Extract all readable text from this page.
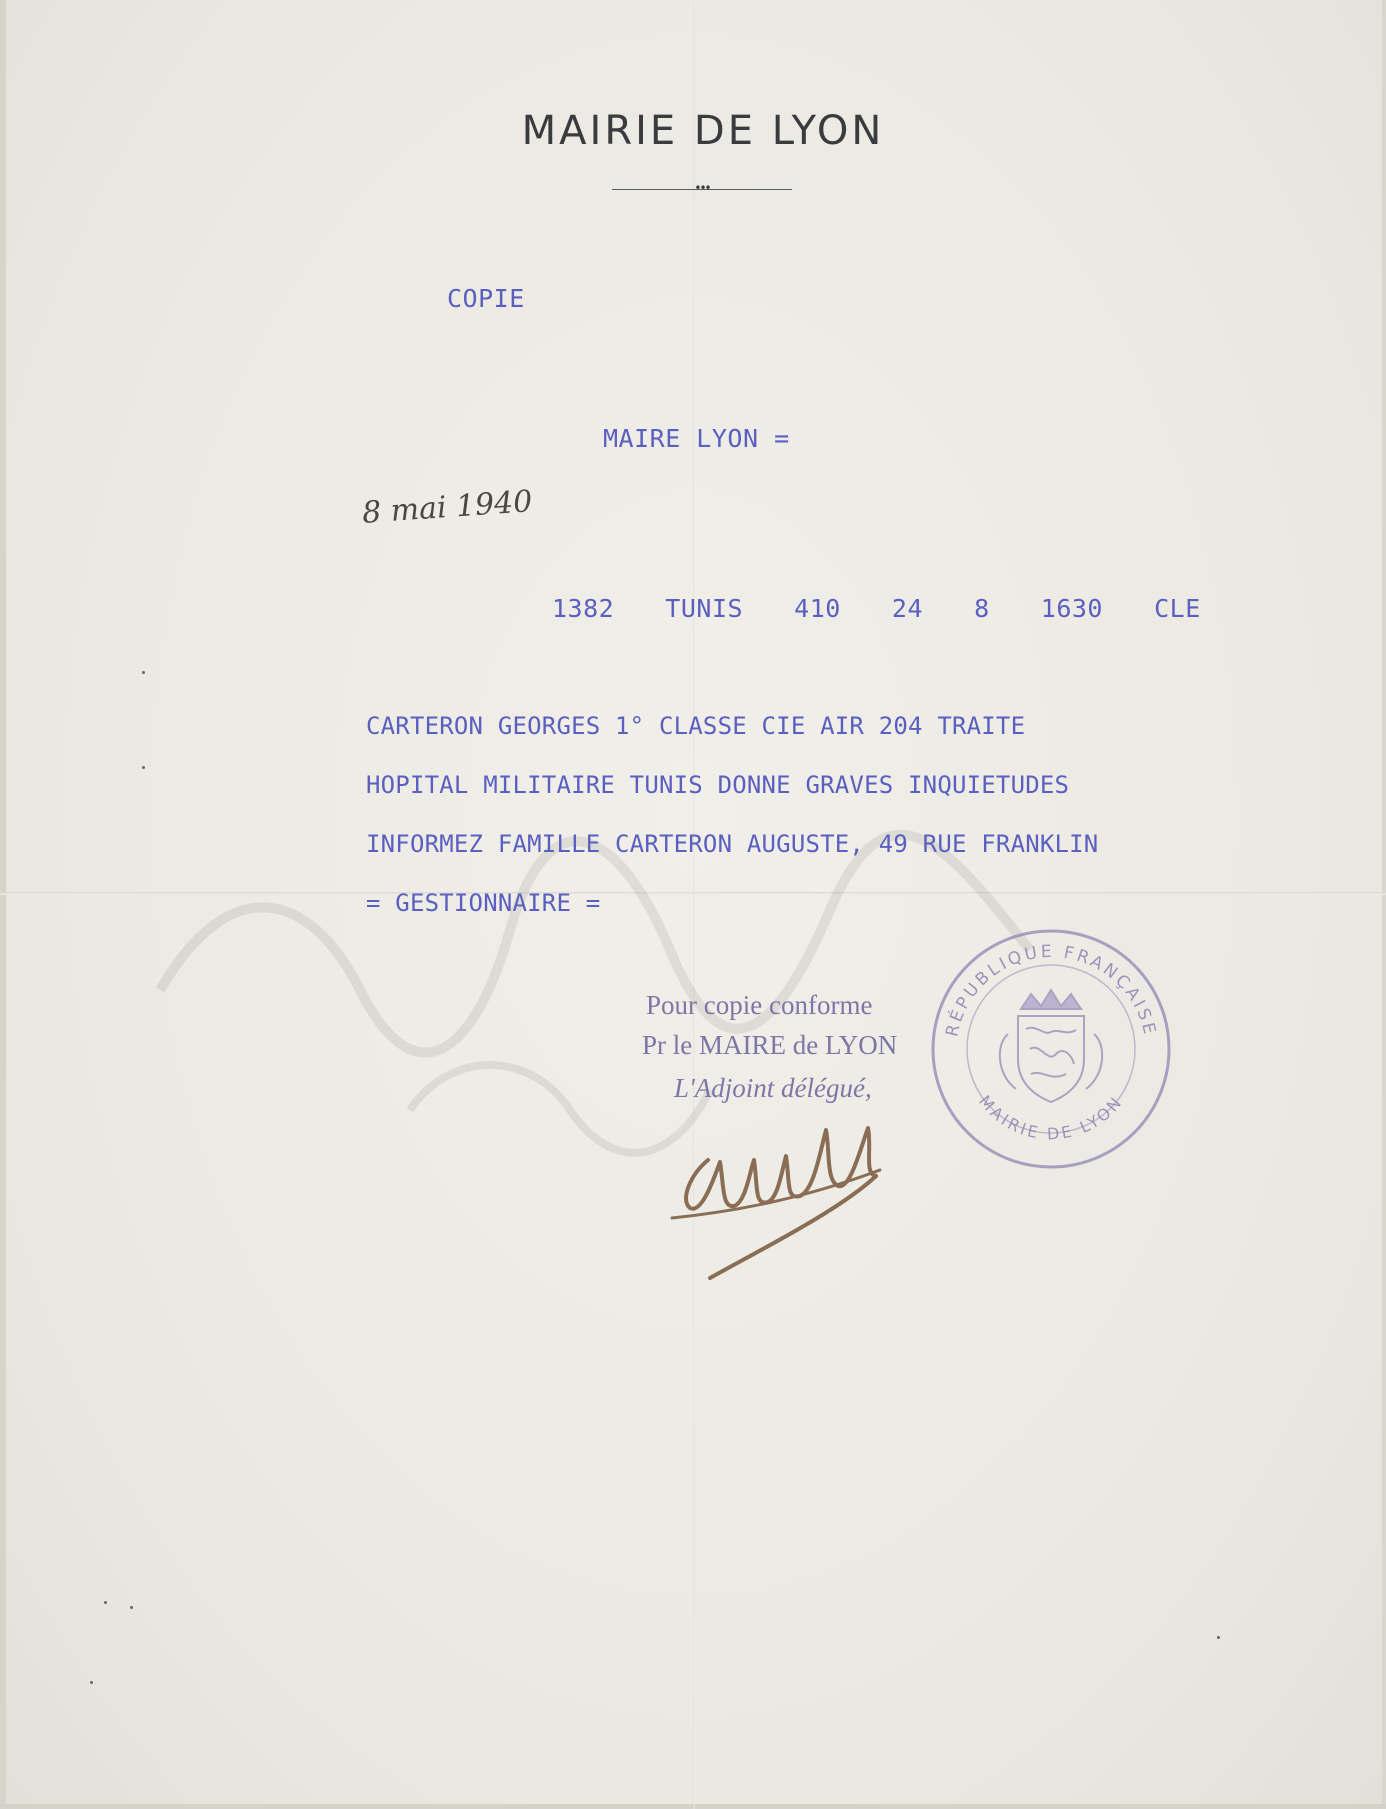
MAIRIE DE LYON
•••
COPIE
MAIRE LYON =
8 mai 1940
1382  TUNIS  410  24  8  1630  CLE
CARTERON GEORGES 1° CLASSE CIE AIR 204 TRAITE
HOPITAL MILITAIRE TUNIS DONNE GRAVES INQUIETUDES
INFORMEZ FAMILLE CARTERON AUGUSTE, 49 RUE FRANKLIN
= GESTIONNAIRE =
Pour copie conforme
Pr le MAIRE de LYON
L'Adjoint délégué,
RÉPUBLIQUE FRANÇAISE
MAIRIE DE LYON
